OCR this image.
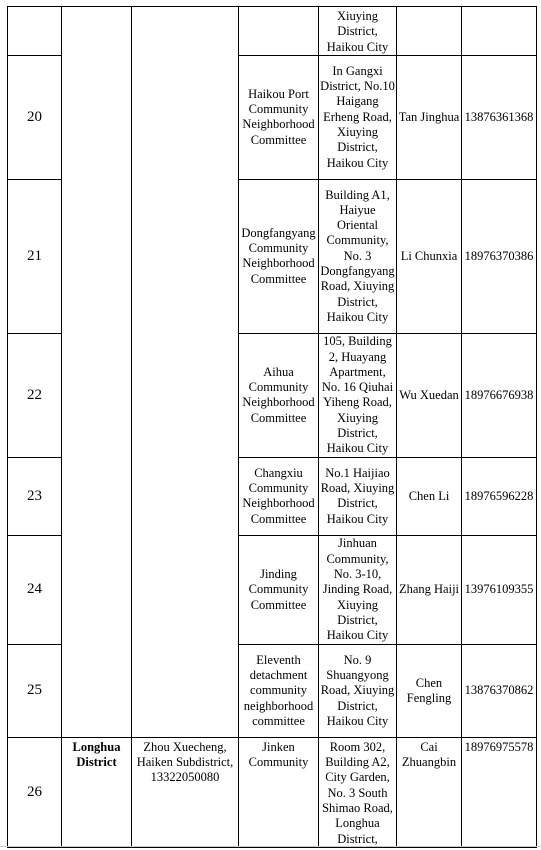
				Xiuying District, Haikou City		
20			Haikou Port Community Neighborhood Committee	In Gangxi District, No.10 Haigang Erheng Road, Xiuying District, Haikou City	Tan Jinghua	13876361368
21			Dongfangyang Community Neighborhood Committee	Building A1, Haiyue Oriental Community, No. 3 Dongfangyang Road, Xiuying District, Haikou City	Li Chunxia	18976370386
22			Aihua Community Neighborhood Committee	105, Building 2, Huayang Apartment, No. 16 Qiuhai Yiheng Road, Xiuying District, Haikou City	Wu Xuedan	18976676938
23			Changxiu Community Neighborhood Committee	No.1 Haijiao Road, Xiuying District, Haikou City	Chen Li	18976596228
24			Jinding Community Committee	Jinhuan Community, No. 3-10, Jinding Road, Xiuying District, Haikou City	Zhang Haiji	13976109355
25			Eleventh detachment community neighborhood committee	No. 9 Shuangyong Road, Xiuying District, Haikou City	Chen Fengling	13876370862
26	Longhua District	Zhou Xuecheng, Haiken Subdistrict, 13322050080	Jinken Community	Room 302, Building A2, City Garden, No. 3 South Shimao Road, Longhua District,	Cai Zhuangbin	18976975578
